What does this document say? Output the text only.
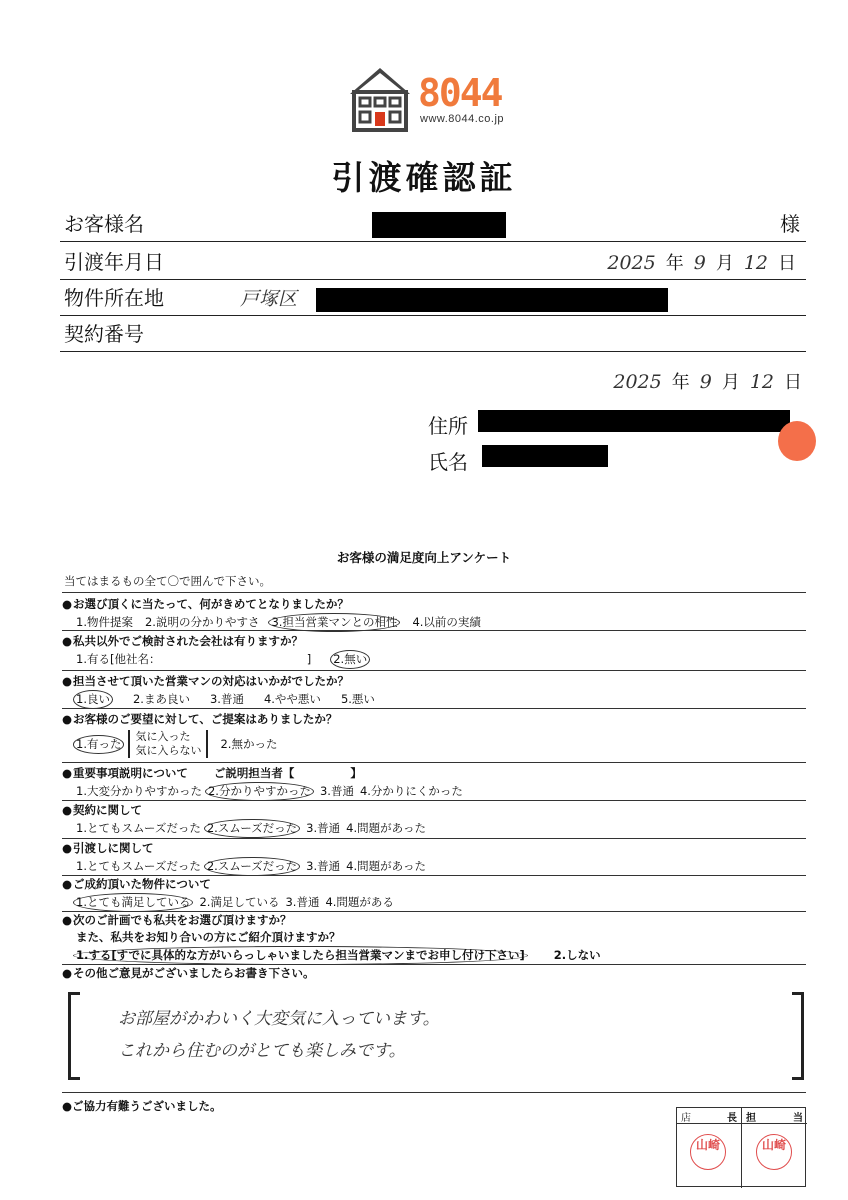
8044
www.8044.co.jp
引渡確認証
お客様名	様
引渡年月日	2025 年 9 月 12 日
物件所在地	戸塚区
契約番号
2025 年 9 月 12 日
住所
氏名
お客様の満足度向上アンケート
当てはまるもの全て〇で囲んで下さい。
● お選び頂くに当たって、何がきめてとなりましたか？
1.物件提案 2.説明の分かりやすさ 3.担当営業マンとの相性 4.以前の実績
● 私共以外でご検討された会社は有りますか？
1.有る[他社名：	] 2.無い
● 担当させて頂いた営業マンの対応はいかがでしたか？
1.良い 2.まあ良い 3.普通 4.やや悪い 5.悪い
● お客様のご要望に対して、ご提案はありましたか？
1.有った 気に入った
気に入らない 2.無かった
● 重要事項説明について ご説明担当者【	】
1.大変分かりやすかった 2.分かりやすかった 3.普通 4.分かりにくかった
● 契約に関して
1.とてもスムーズだった 2.スムーズだった 3.普通 4.問題があった
● 引渡しに関して
1.とてもスムーズだった 2.スムーズだった 3.普通 4.問題があった
● ご成約頂いた物件について
1.とても満足している 2.満足している 3.普通 4.問題がある
● 次のご計画でも私共をお選び頂けますか？
また、私共をお知り合いの方にご紹介頂けますか？
1.する[すでに具体的な方がいらっしゃいましたら担当営業マンまでお申し付け下さい]	2.しない
● その他ご意見がございましたらお書き下さい。
お部屋がかわいく大変気に入っています。
これから住むのがとても楽しみです。
● ご協力有難うございました。
店	長
山崎
担	当
山崎
